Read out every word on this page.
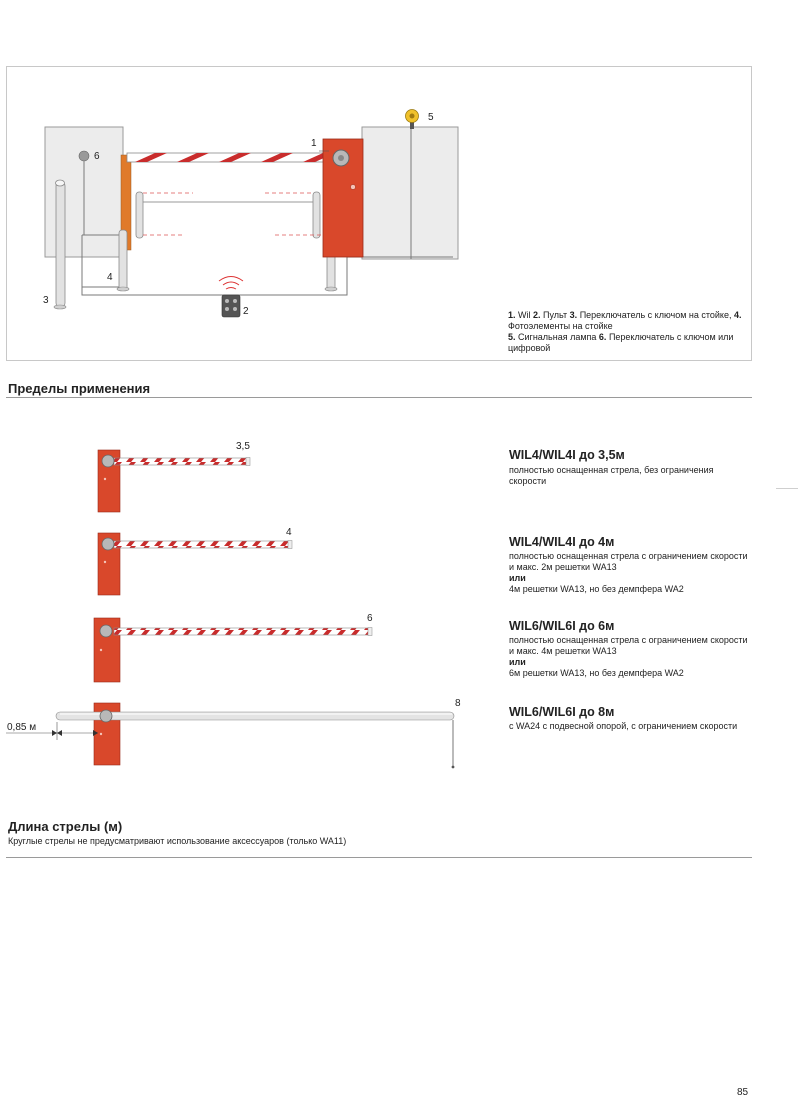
1
2
3
4
5
6
1. Wil 2. Пульт 3. Переключатель с ключом на стойке, 4. Фотоэлементы на стойке
5. Сигнальная лампа 6. Переключатель с ключом или цифровой
Пределы применения
3,5
4
6
8
0,85 м
WIL4/WIL4I до 3,5м
полностью оснащенная стрела, без ограничения скорости
WIL4/WIL4I до 4м
полностью оснащенная стрела с ограничением скорости и макс. 2м решетки WA13
или
4м решетки WA13, но без демпфера WA2
WIL6/WIL6I до 6м
полностью оснащенная стрела с ограничением скорости и макс. 4м решетки WA13
или
6м решетки WA13, но без демпфера WA2
WIL6/WIL6I до 8м
с WA24 с подвесной опорой, с ограничением скорости
Длина стрелы (м)
Круглые стрелы не предусматривают использование аксессуаров (только WA11)
85
